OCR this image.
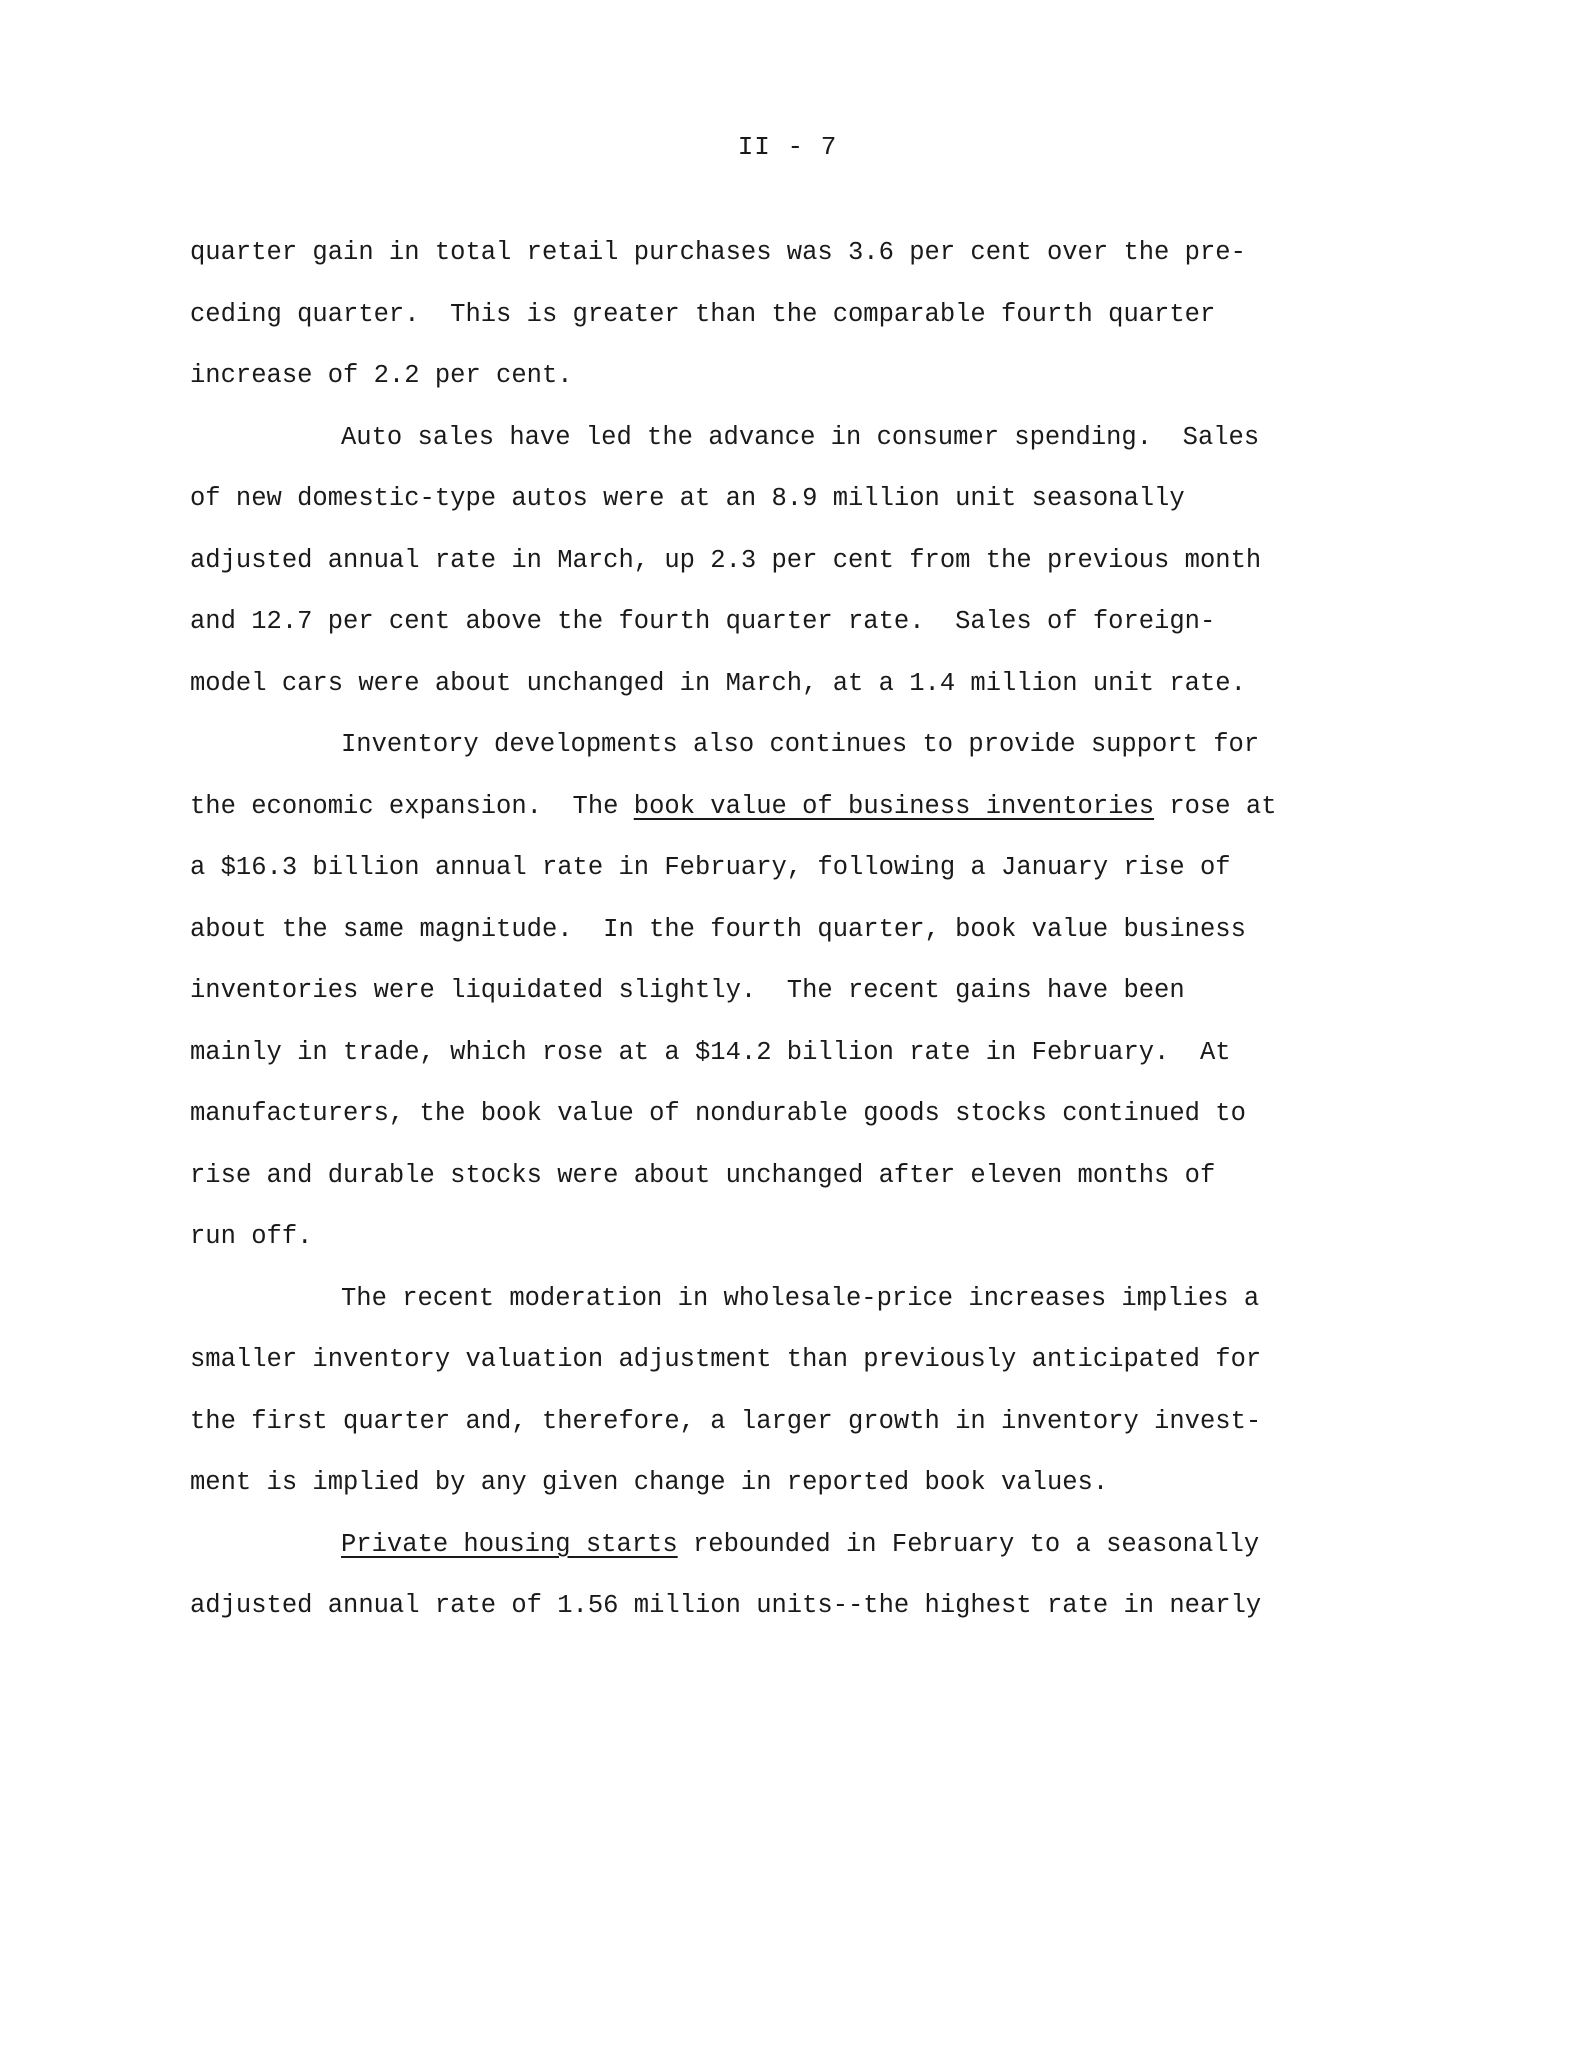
II - 7
quarter gain in total retail purchases was 3.6 per cent over the pre-
ceding quarter.  This is greater than the comparable fourth quarter
increase of 2.2 per cent.
Auto sales have led the advance in consumer spending.  Sales
of new domestic-type autos were at an 8.9 million unit seasonally
adjusted annual rate in March, up 2.3 per cent from the previous month
and 12.7 per cent above the fourth quarter rate.  Sales of foreign-
model cars were about unchanged in March, at a 1.4 million unit rate.
Inventory developments also continues to provide support for
the economic expansion.  The book value of business inventories rose at
a $16.3 billion annual rate in February, following a January rise of
about the same magnitude.  In the fourth quarter, book value business
inventories were liquidated slightly.  The recent gains have been
mainly in trade, which rose at a $14.2 billion rate in February.  At
manufacturers, the book value of nondurable goods stocks continued to
rise and durable stocks were about unchanged after eleven months of
run off.
The recent moderation in wholesale-price increases implies a
smaller inventory valuation adjustment than previously anticipated for
the first quarter and, therefore, a larger growth in inventory invest-
ment is implied by any given change in reported book values.
Private housing starts rebounded in February to a seasonally
adjusted annual rate of 1.56 million units--the highest rate in nearly
